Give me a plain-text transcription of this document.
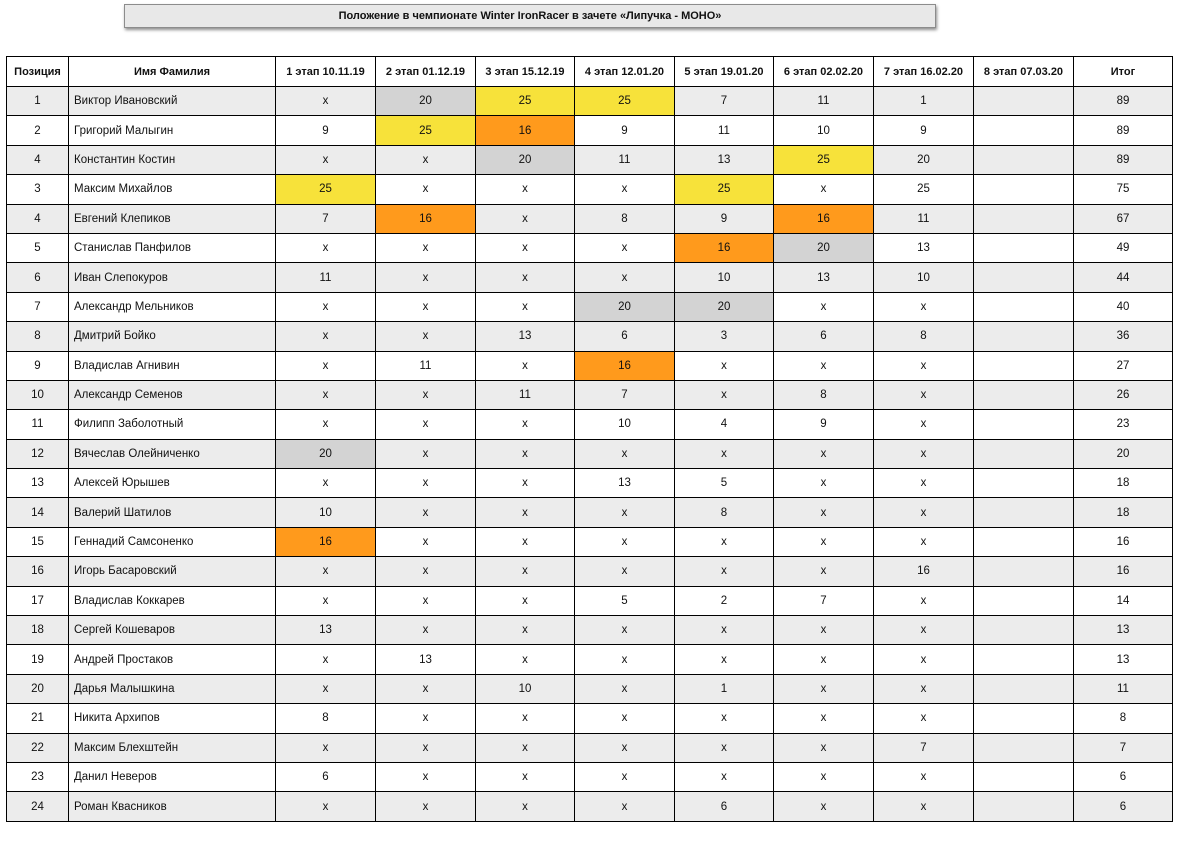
Положение в чемпионате Winter IronRacer в зачете «Липучка - МОНО»
Позиция	Имя Фамилия	1 этап 10.11.19	2 этап 01.12.19	3 этап 15.12.19	4 этап 12.01.20	5 этап 19.01.20	6 этап 02.02.20	7 этап 16.02.20	8 этап 07.03.20	Итог
1	Виктор Ивановский	x	20	25	25	7	11	1		89
2	Григорий Малыгин	9	25	16	9	11	10	9		89
4	Константин Костин	x	x	20	11	13	25	20		89
3	Максим Михайлов	25	x	x	x	25	x	25		75
4	Евгений Клепиков	7	16	x	8	9	16	11		67
5	Станислав Панфилов	x	x	x	x	16	20	13		49
6	Иван Слепокуров	11	x	x	x	10	13	10		44
7	Александр Мельников	x	x	x	20	20	x	x		40
8	Дмитрий Бойко	x	x	13	6	3	6	8		36
9	Владислав Агнивин	x	11	x	16	x	x	x		27
10	Александр Семенов	x	x	11	7	x	8	x		26
11	Филипп Заболотный	x	x	x	10	4	9	x		23
12	Вячеслав Олейниченко	20	x	x	x	x	x	x		20
13	Алексей Юрышев	x	x	x	13	5	x	x		18
14	Валерий Шатилов	10	x	x	x	8	x	x		18
15	Геннадий Самсоненко	16	x	x	x	x	x	x		16
16	Игорь Басаровский	x	x	x	x	x	x	16		16
17	Владислав Коккарев	x	x	x	5	2	7	x		14
18	Сергей Кошеваров	13	x	x	x	x	x	x		13
19	Андрей Простаков	x	13	x	x	x	x	x		13
20	Дарья Малышкина	x	x	10	x	1	x	x		11
21	Никита Архипов	8	x	x	x	x	x	x		8
22	Максим Блехштейн	x	x	x	x	x	x	7		7
23	Данил Неверов	6	x	x	x	x	x	x		6
24	Роман Квасников	x	x	x	x	6	x	x		6
